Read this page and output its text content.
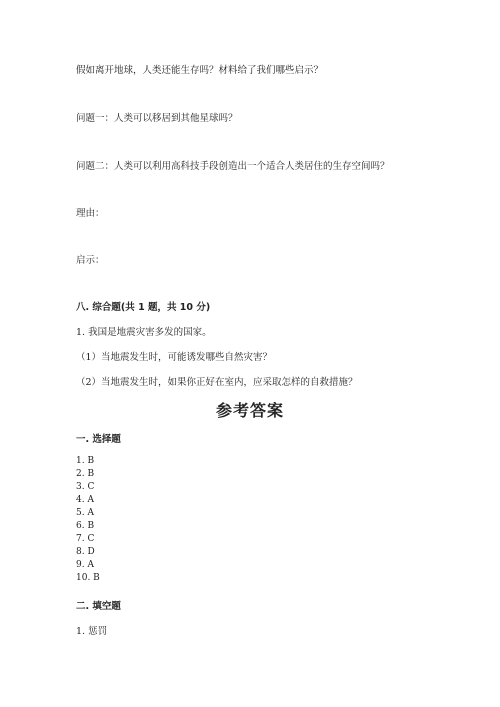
假如离开地球，人类还能生存吗？材料给了我们哪些启示？
问题一：人类可以移居到其他星球吗？
问题二：人类可以利用高科技手段创造出一个适合人类居住的生存空间吗？
理由：
启示：
八. 综合题(共 1 题，共 10 分)
1. 我国是地震灾害多发的国家。
（1）当地震发生时，可能诱发哪些自然灾害？
（2）当地震发生时，如果你正好在室内，应采取怎样的自救措施？
参考答案
一. 选择题
1. B
2. B
3. C
4. A
5. A
6. B
7. C
8. D
9. A
10. B
二. 填空题
1. 惩罚
